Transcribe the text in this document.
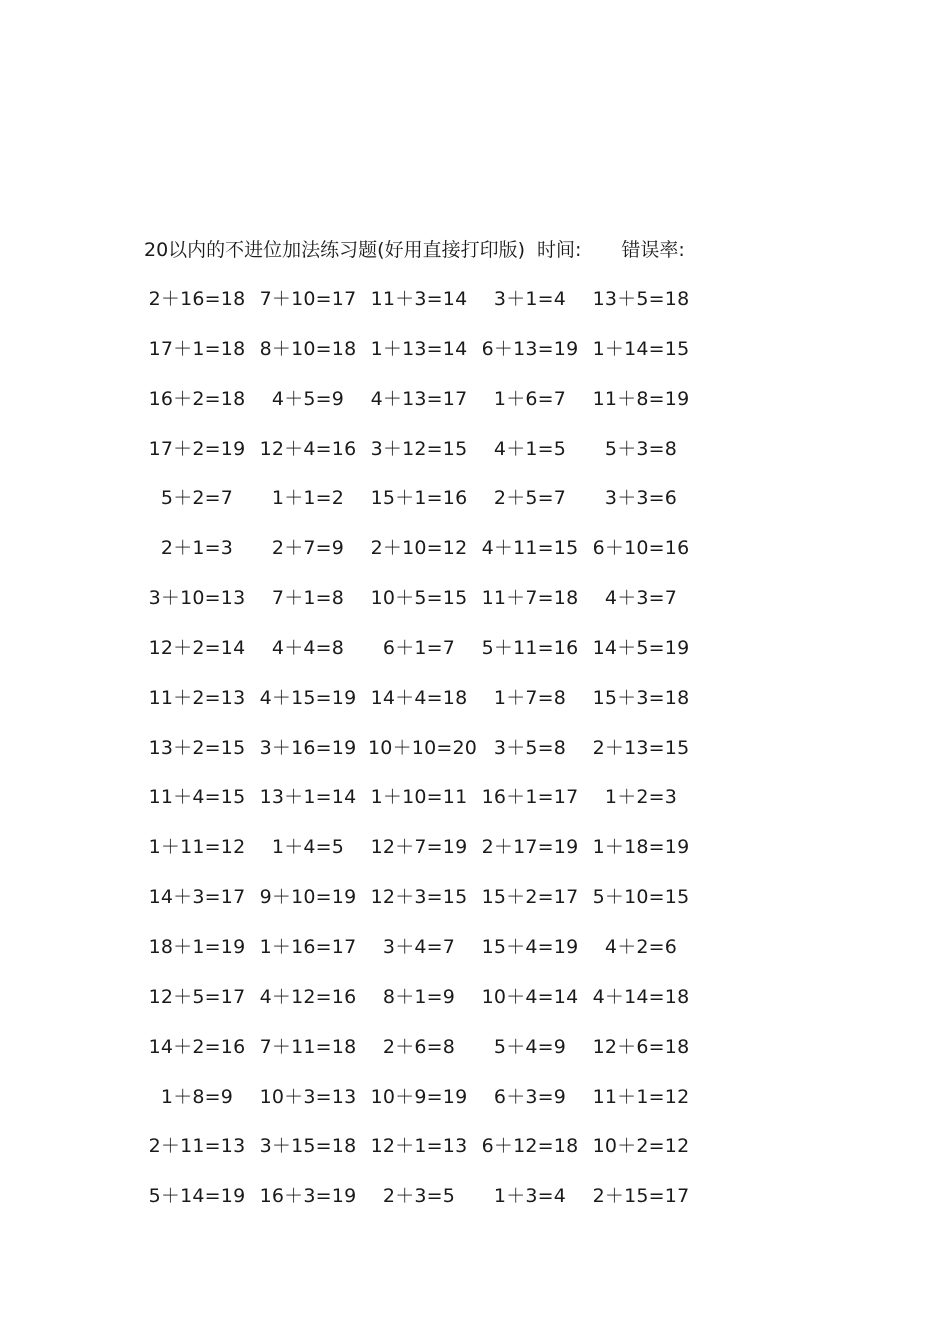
20以内的不进位加法练习题(好用直接打印版) 时间: 错误率:
2＋16=18 7＋10=17 11＋3=14	3＋1=4	13＋5=18
17＋1=18 8＋10=18 1＋13=14 6＋13=19 1＋14=15
16＋2=18	4＋5=9	4＋13=17	1＋6=7	11＋8=19
17＋2=19 12＋4=16 3＋12=15	4＋1=5	5＋3=8
5＋2=7	1＋1=2	15＋1=16	2＋5=7	3＋3=6
2＋1=3	2＋7=9	2＋10=12 4＋11=15 6＋10=16
3＋10=13	7＋1=8	10＋5=15 11＋7=18	4＋3=7
12＋2=14	4＋4=8	6＋1=7	5＋11=16 14＋5=19
11＋2=13 4＋15=19 14＋4=18	1＋7=8	15＋3=18
13＋2=15 3＋16=19 10＋10=20 3＋5=8	2＋13=15
11＋4=15 13＋1=14 1＋10=11 16＋1=17	1＋2=3
1＋11=12	1＋4=5	12＋7=19 2＋17=19 1＋18=19
14＋3=17 9＋10=19 12＋3=15 15＋2=17 5＋10=15
18＋1=19 1＋16=17	3＋4=7	15＋4=19	4＋2=6
12＋5=17 4＋12=16	8＋1=9	10＋4=14 4＋14=18
14＋2=16 7＋11=18	2＋6=8	5＋4=9	12＋6=18
1＋8=9	10＋3=13 10＋9=19	6＋3=9	11＋1=12
2＋11=13 3＋15=18 12＋1=13 6＋12=18 10＋2=12
5＋14=19 16＋3=19	2＋3=5	1＋3=4	2＋15=17
